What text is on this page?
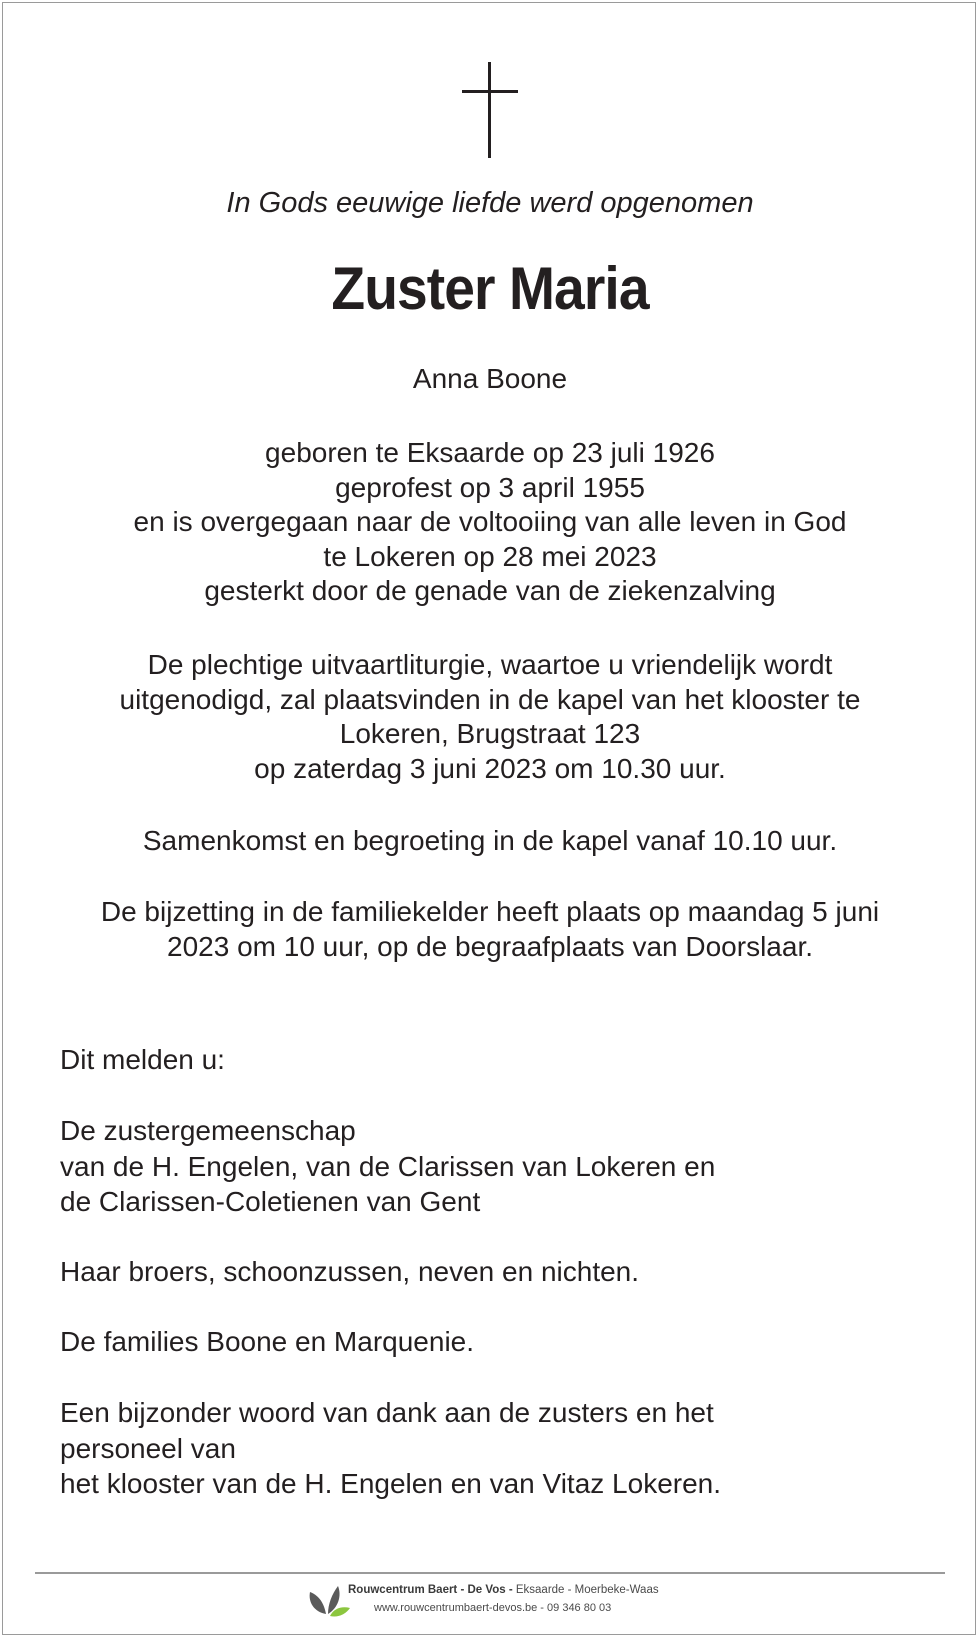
In Gods eeuwige liefde werd opgenomen
Zuster Maria
Anna Boone
geboren te Eksaarde op 23 juli 1926
geprofest op 3 april 1955
en is overgegaan naar de voltooiing van alle leven in God
te Lokeren op 28 mei 2023
gesterkt door de genade van de ziekenzalving
De plechtige uitvaartliturgie, waartoe u vriendelijk wordt
uitgenodigd, zal plaatsvinden in de kapel van het klooster te
Lokeren, Brugstraat 123
op zaterdag 3 juni 2023 om 10.30 uur.
Samenkomst en begroeting in de kapel vanaf 10.10 uur.
De bijzetting in de familiekelder heeft plaats op maandag 5 juni
2023 om 10 uur, op de begraafplaats van Doorslaar.
Dit melden u:
De zustergemeenschap
van de H. Engelen, van de Clarissen van Lokeren en
de Clarissen-Coletienen van Gent
Haar broers, schoonzussen, neven en nichten.
De families Boone en Marquenie.
Een bijzonder woord van dank aan de zusters en het
personeel van
het klooster van de H. Engelen en van Vitaz Lokeren.
Rouwcentrum Baert - De Vos - Eksaarde - Moerbeke-Waas
www.rouwcentrumbaert-devos.be - 09 346 80 03
